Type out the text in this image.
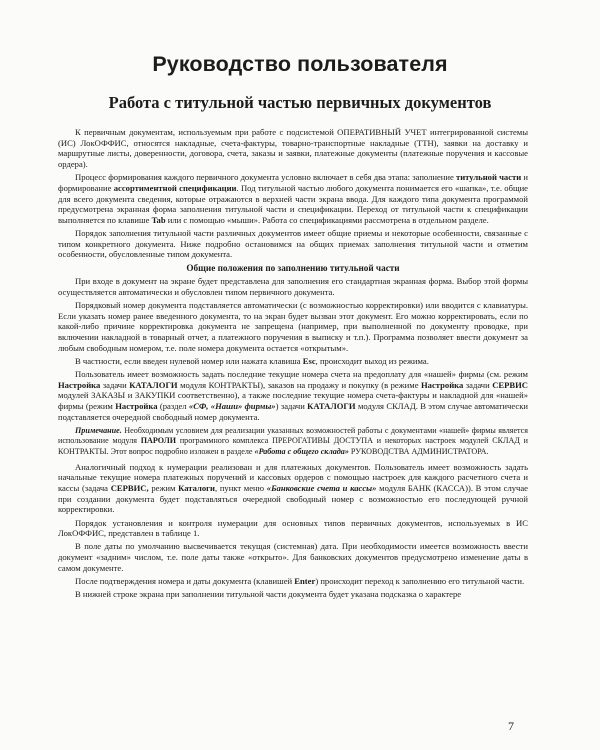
Руководство пользователя
Работа с титульной частью первичных документов

К первичным документам, используемым при работе с подсистемой ОПЕРАТИВНЫЙ УЧЕТ интегрированной системы (ИС) ЛокОФФИС, относятся накладные, счета-фактуры, товарно-транспортные накладные (ТТН), заявки на доставку и маршрутные листы, доверенности, договора, счета, заказы и заявки, платежные документы (платежные поручения и кассовые ордера).

Процесс формирования каждого первичного документа условно включает в себя два этапа: заполнение титульной части и формирование ассортиментной спецификации. Под титульной частью любого документа понимается его «шапка», т.е. общие для всего документа сведения, которые отражаются в верхней части экрана ввода. Для каждого типа документа программой предусмотрена экранная форма заполнения титульной части и спецификации. Переход от титульной части к спецификации выполняется по клавише Tab или с помощью «мыши». Работа со спецификациями рассмотрена в отдельном разделе.

Порядок заполнения титульной части различных документов имеет общие приемы и некоторые особенности, связанные с типом конкретного документа. Ниже подробно остановимся на общих приемах заполнения титульной части и отметим особенности, обусловленные типом документа.

Общие положения по заполнению титульной части

При входе в документ на экране будет представлена для заполнения его стандартная экранная форма. Выбор этой формы осуществляется автоматически и обусловлен типом первичного документа.

Порядковый номер документа подставляется автоматически (с возможностью корректировки) или вводится с клавиатуры. Если указать номер ранее введенного документа, то на экран будет вызван этот документ. Его можно корректировать, если по какой-либо причине корректировка документа не запрещена (например, при выполненной по документу проводке, при включении накладной в товарный отчет, а платежного поручения в выписку и т.п.). Программа позволяет ввести документ за любым свободным номером, т.е. поле номера документа остается «открытым».

В частности, если введен нулевой номер или нажата клавиша Esc, происходит выход из режима.

Пользователь имеет возможность задать последние текущие номера счета на предоплату для «нашей» фирмы (см. режим Настройка задачи КАТАЛОГИ модуля КОНТРАКТЫ), заказов на продажу и покупку (в режиме Настройка задачи СЕРВИС модулей ЗАКАЗЫ и ЗАКУПКИ соответственно), а также последние текущие номера счета-фактуры и накладной для «нашей» фирмы (режим Настройка (раздел «СФ, «Наши» фирмы») задачи КАТАЛОГИ модуля СКЛАД. В этом случае автоматически подставляется очередной свободный номер документа.

Примечание. Необходимым условием для реализации указанных возможностей работы с документами «нашей» фирмы является использование модуля ПАРОЛИ программного комплекса ПРЕРОГАТИВЫ ДОСТУПА и некоторых настроек модулей СКЛАД и КОНТРАКТЫ. Этот вопрос подробно изложен в разделе «Работа с общего склада» РУКОВОДСТВА АДМИНИСТРАТОРА.

Аналогичный подход к нумерации реализован и для платежных документов. Пользователь имеет возможность задать начальные текущие номера платежных поручений и кассовых ордеров с помощью настроек для каждого расчетного счета и кассы (задача СЕРВИС, режим Каталоги, пункт меню «Банковские счета и кассы» модуля БАНК (КАССА)). В этом случае при создании документа будет подставляться очередной свободный номер с возможностью его последующей ручной корректировки.

Порядок установления и контроля нумерации для основных типов первичных документов, используемых в ИС ЛокОФФИС, представлен в таблице 1.

В поле даты по умолчанию высвечивается текущая (системная) дата. При необходимости имеется возможность ввести документ «задним» числом, т.е. поле даты также «открыто». Для банковских документов предусмотрено изменение даты в самом документе.

После подтверждения номера и даты документа (клавишей Enter) происходит переход к заполнению его титульной части.

В нижней строке экрана при заполнении титульной части документа будет указана подсказка о характере

7
